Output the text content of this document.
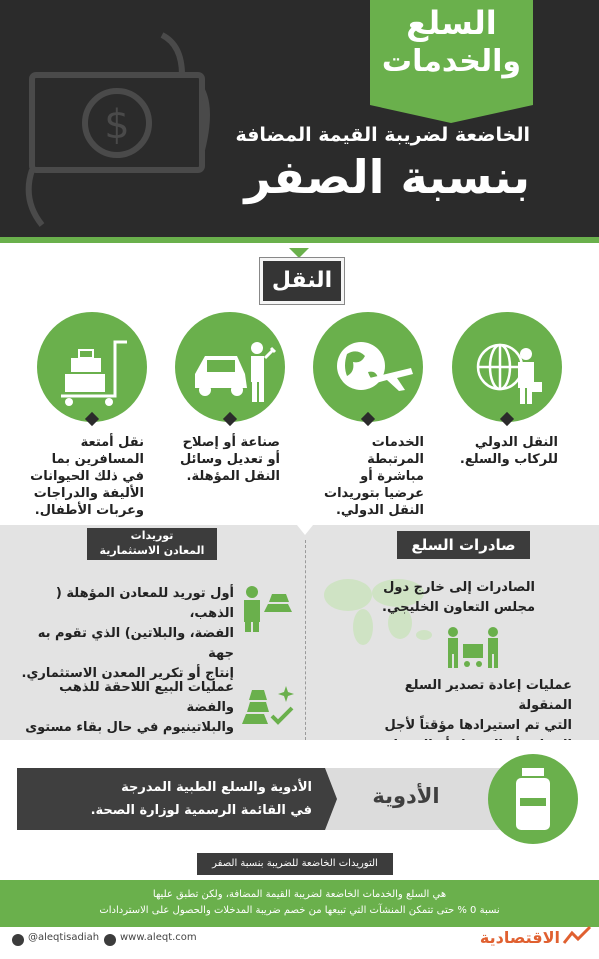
$
السلع
والخدمات
الخاضعة لضريبة القيمة المضافة
بنسبة الصفر
النقل
النقل الدولي للركاب والسلع.
الخدمات المرتبطة مباشرة أو عرضيا بتوريدات النقل الدولي.
صناعة أو إصلاح أو تعديل وسائل النقل المؤهلة.
نقل أمتعة المسافرين بما في ذلك الحيوانات الأليفة والدراجات وعربات الأطفال.
صادرات السلع
الصادرات إلى خارج دول
مجلس التعاون الخليجي.
عمليات إعادة تصدير السلع المنقولة
التي تم استيرادها مؤقتاً لأجل
توريدات
المعادن الاستثمارية
أول توريد للمعادن المؤهلة ( الذهب،
الفضة، والبلاتين) الذي تقوم به جهة
إنتاج أو تكرير المعدن الاستثماري.
عمليات البيع اللاحقة للذهب والفضة
والبلاتينيوم في حال بقاء مستوى
الأدوية
الأدوية والسلع الطبية المدرجة
في القائمة الرسمية لوزارة الصحة.
التوريدات الخاضعة للضريبة بنسبة الصفر
هي السلع والخدمات الخاضعة لضريبة القيمة المضافة، ولكن تطبق عليها
نسبة 0 % حتى تتمكن المنشآت التي تبيعها من خصم ضريبة المدخلات والحصول على الاستردادات
@aleqtisadiah www.aleqt.com	الاقتصادية
